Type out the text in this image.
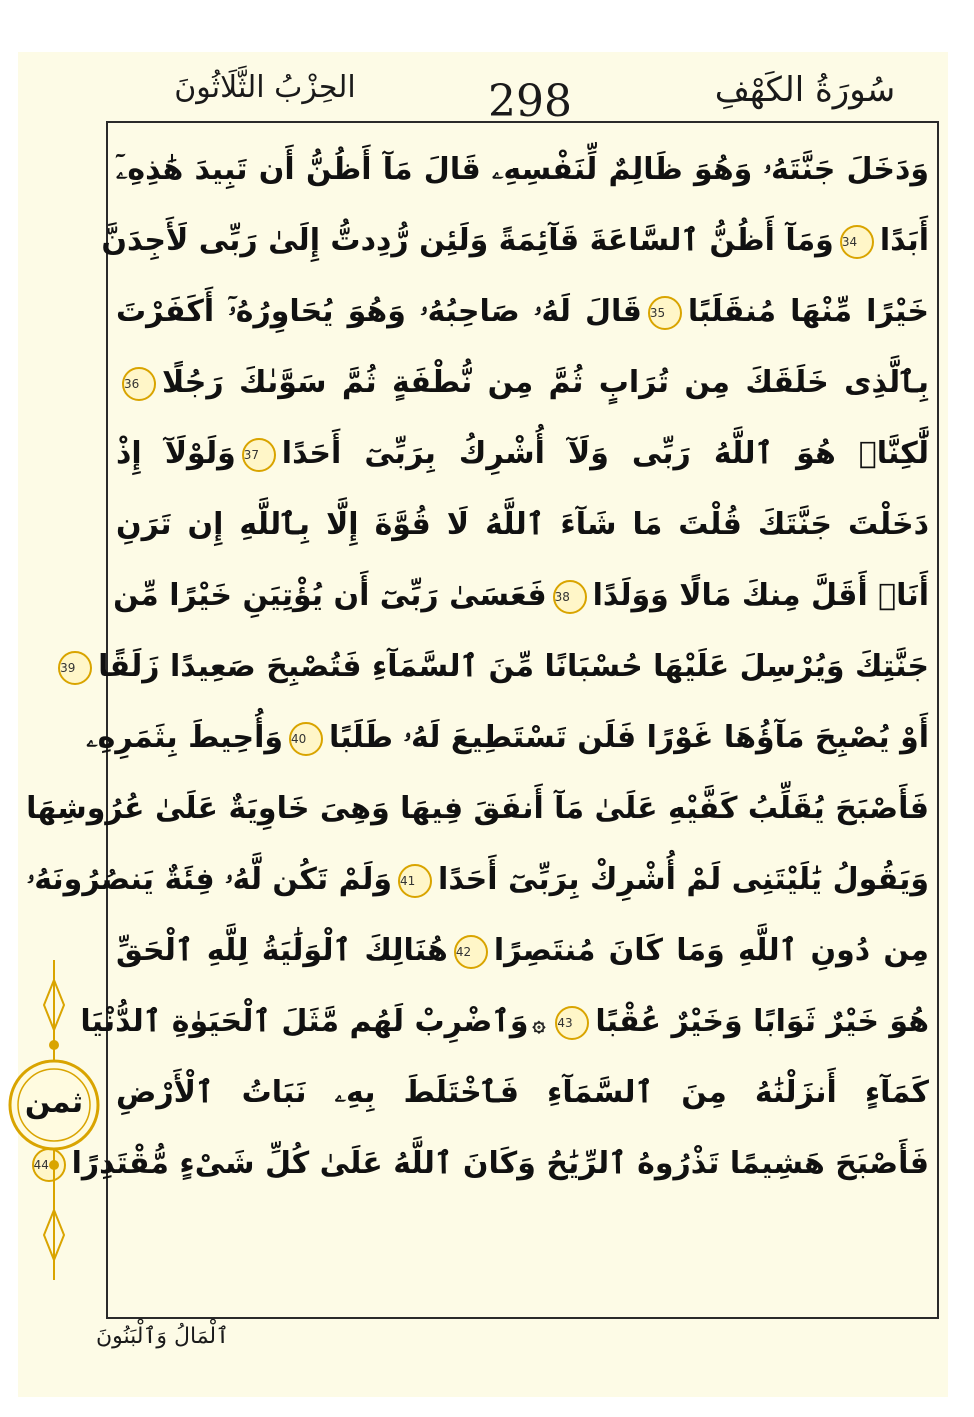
سُورَةُ الكَهْفِ
298
الحِزْبُ الثَّلَاثُونَ
وَدَخَلَ جَنَّتَهُۥ وَهُوَ ظَالِمٌ لِّنَفْسِهِۦ قَالَ مَآ أَظُنُّ أَن تَبِيدَ هَٰذِهِۦٓ
أَبَدًا34وَمَآ أَظُنُّ ٱلسَّاعَةَ قَآئِمَةً وَلَئِن رُّدِدتُّ إِلَىٰ رَبِّى لَأَجِدَنَّ
خَيْرًا مِّنْهَا مُنقَلَبًا35قَالَ لَهُۥ صَاحِبُهُۥ وَهُوَ يُحَاوِرُهُۥٓ أَكَفَرْتَ
بِٱلَّذِى خَلَقَكَ مِن تُرَابٍ ثُمَّ مِن نُّطْفَةٍ ثُمَّ سَوَّىٰكَ رَجُلًا36
لَّٰكِنَّا۠ هُوَ ٱللَّهُ رَبِّى وَلَآ أُشْرِكُ بِرَبِّىٓ أَحَدًا37وَلَوْلَآ إِذْ
دَخَلْتَ جَنَّتَكَ قُلْتَ مَا شَآءَ ٱللَّهُ لَا قُوَّةَ إِلَّا بِٱللَّهِ إِن تَرَنِ
أَنَا۠ أَقَلَّ مِنكَ مَالًا وَوَلَدًا38فَعَسَىٰ رَبِّىٓ أَن يُؤْتِيَنِ خَيْرًا مِّن
جَنَّتِكَ وَيُرْسِلَ عَلَيْهَا حُسْبَانًا مِّنَ ٱلسَّمَآءِ فَتُصْبِحَ صَعِيدًا زَلَقًا39
أَوْ يُصْبِحَ مَآؤُهَا غَوْرًا فَلَن تَسْتَطِيعَ لَهُۥ طَلَبًا40وَأُحِيطَ بِثَمَرِهِۦ
فَأَصْبَحَ يُقَلِّبُ كَفَّيْهِ عَلَىٰ مَآ أَنفَقَ فِيهَا وَهِىَ خَاوِيَةٌ عَلَىٰ عُرُوشِهَا
وَيَقُولُ يَٰلَيْتَنِى لَمْ أُشْرِكْ بِرَبِّىٓ أَحَدًا41وَلَمْ تَكُن لَّهُۥ فِئَةٌ يَنصُرُونَهُۥ
مِن دُونِ ٱللَّهِ وَمَا كَانَ مُنتَصِرًا42هُنَالِكَ ٱلْوَلَٰيَةُ لِلَّهِ ٱلْحَقِّ
هُوَ خَيْرٌ ثَوَابًا وَخَيْرٌ عُقْبًا43۞وَٱضْرِبْ لَهُم مَّثَلَ ٱلْحَيَوٰةِ ٱلدُّنْيَا
كَمَآءٍ أَنزَلْنَٰهُ مِنَ ٱلسَّمَآءِ فَٱخْتَلَطَ بِهِۦ نَبَاتُ ٱلْأَرْضِ
فَأَصْبَحَ هَشِيمًا تَذْرُوهُ ٱلرِّيَٰحُ وَكَانَ ٱللَّهُ عَلَىٰ كُلِّ شَىْءٍ مُّقْتَدِرًا44
ثمن
ٱلْمَالُ وَٱلْبَنُونَ
